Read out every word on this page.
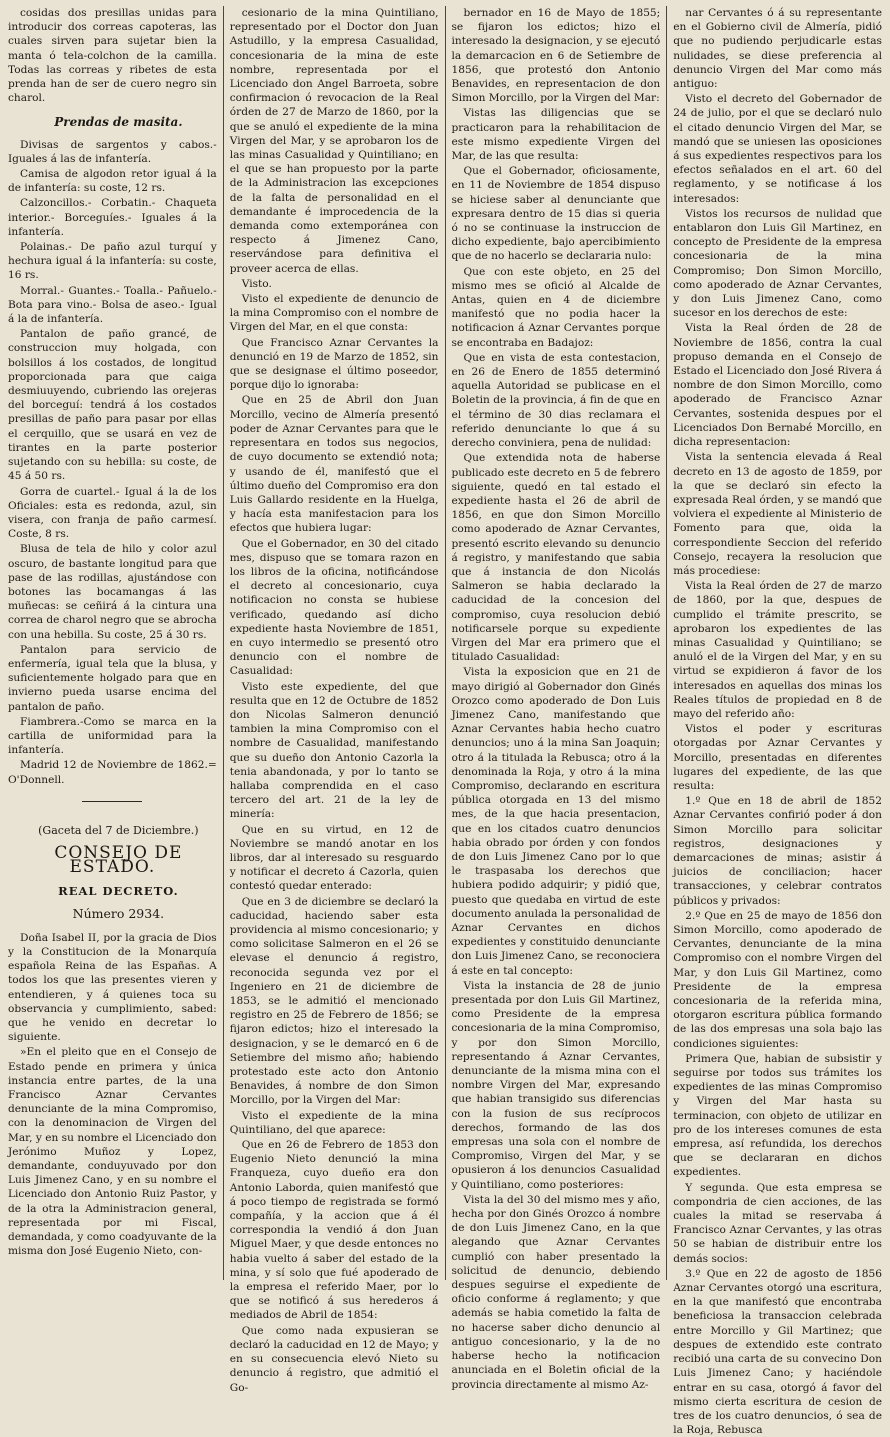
cosidas dos presillas unidas para introducir dos correas capoteras, las cuales sirven para sujetar bien la manta ó tela-colchon de la camilla. Todas las correas y ribetes de esta prenda han de ser de cuero negro sin charol.

Prendas de masita.

Divisas de sargentos y cabos.- Iguales á las de infantería.

Camisa de algodon retor igual á la de infantería: su coste, 12 rs.

Calzoncillos.- Corbatin.- Chaqueta interior.- Borceguíes.- Iguales á la infantería.

Polainas.- De paño azul turquí y hechura igual á la infantería: su coste, 16 rs.

Morral.- Guantes.- Toalla.- Pañuelo.- Bota para vino.- Bolsa de aseo.- Igual á la de infantería.

Pantalon de paño grancé, de construccion muy holgada, con bolsillos á los costados, de longitud proporcionada para que caiga desmiuuyendo, cubriendo las orejeras del borceguí: tendrá á los costados presillas de paño para pasar por ellas el cerquillo, que se usará en vez de tirantes en la parte posterior sujetando con su hebilla: su coste, de 45 á 50 rs.

Gorra de cuartel.- Igual á la de los Oficiales: esta es redonda, azul, sin visera, con franja de paño carmesí. Coste, 8 rs.

Blusa de tela de hilo y color azul oscuro, de bastante longitud para que pase de las rodillas, ajustándose con botones las bocamangas á las muñecas: se ceñirá á la cintura una correa de charol negro que se abrocha con una hebilla. Su coste, 25 á 30 rs.

Pantalon para servicio de enfermería, igual tela que la blusa, y suficientemente holgado para que en invierno pueda usarse encima del pantalon de paño.

Fiambrera.-Como se marca en la cartilla de uniformidad para la infantería.

Madrid 12 de Noviembre de 1862.= O'Donnell.

(Gaceta del 7 de Diciembre.)

CONSEJO DE ESTADO.

REAL DECRETO.

Número 2934.

Doña Isabel II, por la gracia de Dios y la Constitucion de la Monarquía española Reina de las Españas. A todos los que las presentes vieren y entendieren, y á quienes toca su observancia y cumplimiento, sabed: que he venido en decretar lo siguiente.

»En el pleito que en el Consejo de Estado pende en primera y única instancia entre partes, de la una Francisco Aznar Cervantes denunciante de la mina Compromiso, con la denominacion de Virgen del Mar, y en su nombre el Licenciado don Jerónimo Muñoz y Lopez, demandante, conduyuvado por don Luis Jimenez Cano, y en su nombre el Licenciado don Antonio Ruiz Pastor, y de la otra la Administracion general, representada por mi Fiscal, demandada, y como coadyuvante de la misma don José Eugenio Nieto, con-

cesionario de la mina Quintiliano, representado por el Doctor don Juan Astudillo, y la empresa Casualidad, concesionaria de la mina de este nombre, representada por el Licenciado don Angel Barroeta, sobre confirmacion ó revocacion de la Real órden de 27 de Marzo de 1860, por la que se anuló el expediente de la mina Virgen del Mar, y se aprobaron los de las minas Casualidad y Quintiliano; en el que se han propuesto por la parte de la Administracion las excepciones de la falta de personalidad en el demandante é improcedencia de la demanda como extemporánea con respecto á Jimenez Cano, reservándose para definitiva el proveer acerca de ellas.

Visto.

Visto el expediente de denuncio de la mina Compromiso con el nombre de Virgen del Mar, en el que consta:

Que Francisco Aznar Cervantes la denunció en 19 de Marzo de 1852, sin que se designase el último poseedor, porque dijo lo ignoraba:

Que en 25 de Abril don Juan Morcillo, vecino de Almería presentó poder de Aznar Cervantes para que le representara en todos sus negocios, de cuyo documento se extendió nota; y usando de él, manifestó que el último dueño del Compromiso era don Luis Gallardo residente en la Huelga, y hacía esta manifestacion para los efectos que hubiera lugar:

Que el Gobernador, en 30 del citado mes, dispuso que se tomara razon en los libros de la oficina, notificándose el decreto al concesionario, cuya notificacion no consta se hubiese verificado, quedando así dicho expediente hasta Noviembre de 1851, en cuyo intermedio se presentó otro denuncio con el nombre de Casualidad:

Visto este expediente, del que resulta que en 12 de Octubre de 1852 don Nicolas Salmeron denunció tambien la mina Compromiso con el nombre de Casualidad, manifestando que su dueño don Antonio Cazorla la tenia abandonada, y por lo tanto se hallaba comprendida en el caso tercero del art. 21 de la ley de minería:

Que en su virtud, en 12 de Noviembre se mandó anotar en los libros, dar al interesado su resguardo y notificar el decreto á Cazorla, quien contestó quedar enterado:

Que en 3 de diciembre se declaró la caducidad, haciendo saber esta providencia al mismo concesionario; y como solicitase Salmeron en el 26 se elevase el denuncio á registro, reconocida segunda vez por el Ingeniero en 21 de diciembre de 1853, se le admitió el mencionado registro en 25 de Febrero de 1856; se fijaron edictos; hizo el interesado la designacion, y se le demarcó en 6 de Setiembre del mismo año; habiendo protestado este acto don Antonio Benavides, á nombre de don Simon Morcillo, por la Virgen del Mar:

Visto el expediente de la mina Quintiliano, del que aparece:

Que en 26 de Febrero de 1853 don Eugenio Nieto denunció la mina Franqueza, cuyo dueño era don Antonio Laborda, quien manifestó que á poco tiempo de registrada se formó compañía, y la accion que á él correspondia la vendió á don Juan Miguel Maer, y que desde entonces no habia vuelto á saber del estado de la mina, y sí solo que fué apoderado de la empresa el referido Maer, por lo que se notificó á sus herederos á mediados de Abril de 1854:

Que como nada expusieran se declaró la caducidad en 12 de Mayo; y en su consecuencia elevó Nieto su denuncio á registro, que admitió el Go-

bernador en 16 de Mayo de 1855; se fijaron los edictos; hizo el interesado la designacion, y se ejecutó la demarcacion en 6 de Setiembre de 1856, que protestó don Antonio Benavides, en representacion de don Simon Morcillo, por la Virgen del Mar:

Vistas las diligencias que se practicaron para la rehabilitacion de este mismo expediente Virgen del Mar, de las que resulta:

Que el Gobernador, oficiosamente, en 11 de Noviembre de 1854 dispuso se hiciese saber al denunciante que expresara dentro de 15 dias si queria ó no se continuase la instruccion de dicho expediente, bajo apercibimiento que de no hacerlo se declararia nulo:

Que con este objeto, en 25 del mismo mes se ofició al Alcalde de Antas, quien en 4 de diciembre manifestó que no podia hacer la notificacion á Aznar Cervantes porque se encontraba en Badajoz:

Que en vista de esta contestacion, en 26 de Enero de 1855 determinó aquella Autoridad se publicase en el Boletin de la provincia, á fin de que en el término de 30 dias reclamara el referido denunciante lo que á su derecho conviniera, pena de nulidad:

Que extendida nota de haberse publicado este decreto en 5 de febrero siguiente, quedó en tal estado el expediente hasta el 26 de abril de 1856, en que don Simon Morcillo como apoderado de Aznar Cervantes, presentó escrito elevando su denuncio á registro, y manifestando que sabia que á instancia de don Nicolás Salmeron se habia declarado la caducidad de la concesion del compromiso, cuya resolucion debió notificarsele porque su expediente Virgen del Mar era primero que el titulado Casualidad:

Vista la exposicion que en 21 de mayo dirigió al Gobernador don Ginés Orozco como apoderado de Don Luis Jimenez Cano, manifestando que Aznar Cervantes habia hecho cuatro denuncios; uno á la mina San Joaquin; otro á la titulada la Rebusca; otro á la denominada la Roja, y otro á la mina Compromiso, declarando en escritura pública otorgada en 13 del mismo mes, de la que hacia presentacion, que en los citados cuatro denuncios habia obrado por órden y con fondos de don Luis Jimenez Cano por lo que le traspasaba los derechos que hubiera podido adquirir; y pidió que, puesto que quedaba en virtud de este documento anulada la personalidad de Aznar Cervantes en dichos expedientes y constituido denunciante don Luis Jimenez Cano, se reconociera á este en tal concepto:

Vista la instancia de 28 de junio presentada por don Luis Gil Martinez, como Presidente de la empresa concesionaria de la mina Compromiso, y por don Simon Morcillo, representando á Aznar Cervantes, denunciante de la misma mina con el nombre Virgen del Mar, expresando que habian transigido sus diferencias con la fusion de sus recíprocos derechos, formando de las dos empresas una sola con el nombre de Compromiso, Virgen del Mar, y se opusieron á los denuncios Casualidad y Quintiliano, como posteriores:

Vista la del 30 del mismo mes y año, hecha por don Ginés Orozco á nombre de don Luis Jimenez Cano, en la que alegando que Aznar Cervantes cumplió con haber presentado la solicitud de denuncio, debiendo despues seguirse el expediente de oficio conforme á reglamento; y que además se habia cometido la falta de no hacerse saber dicho denuncio al antiguo concesionario, y la de no haberse hecho la notificacion anunciada en el Boletin oficial de la provincia directamente al mismo Az-

nar Cervantes ó á su representante en el Gobierno civil de Almería, pidió que no pudiendo perjudicarle estas nulidades, se diese preferencia al denuncio Virgen del Mar como más antiguo:

Visto el decreto del Gobernador de 24 de julio, por el que se declaró nulo el citado denuncio Virgen del Mar, se mandó que se uniesen las oposiciones á sus expedientes respectivos para los efectos señalados en el art. 60 del reglamento, y se notificase á los interesados:

Vistos los recursos de nulidad que entablaron don Luis Gil Martinez, en concepto de Presidente de la empresa concesionaria de la mina Compromiso; Don Simon Morcillo, como apoderado de Aznar Cervantes, y don Luis Jimenez Cano, como sucesor en los derechos de este:

Vista la Real órden de 28 de Noviembre de 1856, contra la cual propuso demanda en el Consejo de Estado el Licenciado don José Rivera á nombre de don Simon Morcillo, como apoderado de Francisco Aznar Cervantes, sostenida despues por el Licenciados Don Bernabé Morcillo, en dicha representacion:

Vista la sentencia elevada á Real decreto en 13 de agosto de 1859, por la que se declaró sin efecto la expresada Real órden, y se mandó que volviera el expediente al Ministerio de Fomento para que, oida la correspondiente Seccion del referido Consejo, recayera la resolucion que más procediese:

Vista la Real órden de 27 de marzo de 1860, por la que, despues de cumplido el trámite prescrito, se aprobaron los expedientes de las minas Casualidad y Quintiliano; se anuló el de la Virgen del Mar, y en su virtud se expidieron á favor de los interesados en aquellas dos minas los Reales títulos de propiedad en 8 de mayo del referido año:

Vistos el poder y escrituras otorgadas por Aznar Cervantes y Morcillo, presentadas en diferentes lugares del expediente, de las que resulta:

1.º Que en 18 de abril de 1852 Aznar Cervantes confirió poder á don Simon Morcillo para solicitar registros, designaciones y demarcaciones de minas; asistir á juicios de conciliacion; hacer transacciones, y celebrar contratos públicos y privados:

2.º Que en 25 de mayo de 1856 don Simon Morcillo, como apoderado de Cervantes, denunciante de la mina Compromiso con el nombre Virgen del Mar, y don Luis Gil Martinez, como Presidente de la empresa concesionaria de la referida mina, otorgaron escritura pública formando de las dos empresas una sola bajo las condiciones siguientes:

Primera Que, habian de subsistir y seguirse por todos sus trámites los expedientes de las minas Compromiso y Virgen del Mar hasta su terminacion, con objeto de utilizar en pro de los intereses comunes de esta empresa, así refundida, los derechos que se declararan en dichos expedientes.

Y segunda. Que esta empresa se compondria de cien acciones, de las cuales la mitad se reservaba á Francisco Aznar Cervantes, y las otras 50 se habian de distribuir entre los demás socios:

3.º Que en 22 de agosto de 1856 Aznar Cervantes otorgó una escritura, en la que manifestó que encontraba beneficiosa la transaccion celebrada entre Morcillo y Gil Martinez; que despues de extendido este contrato recibió una carta de su convecino Don Luis Jimenez Cano; y haciéndole entrar en su casa, otorgó á favor del mismo cierta escritura de cesion de tres de los cuatro denuncios, ó sea de la Roja, Rebusca
